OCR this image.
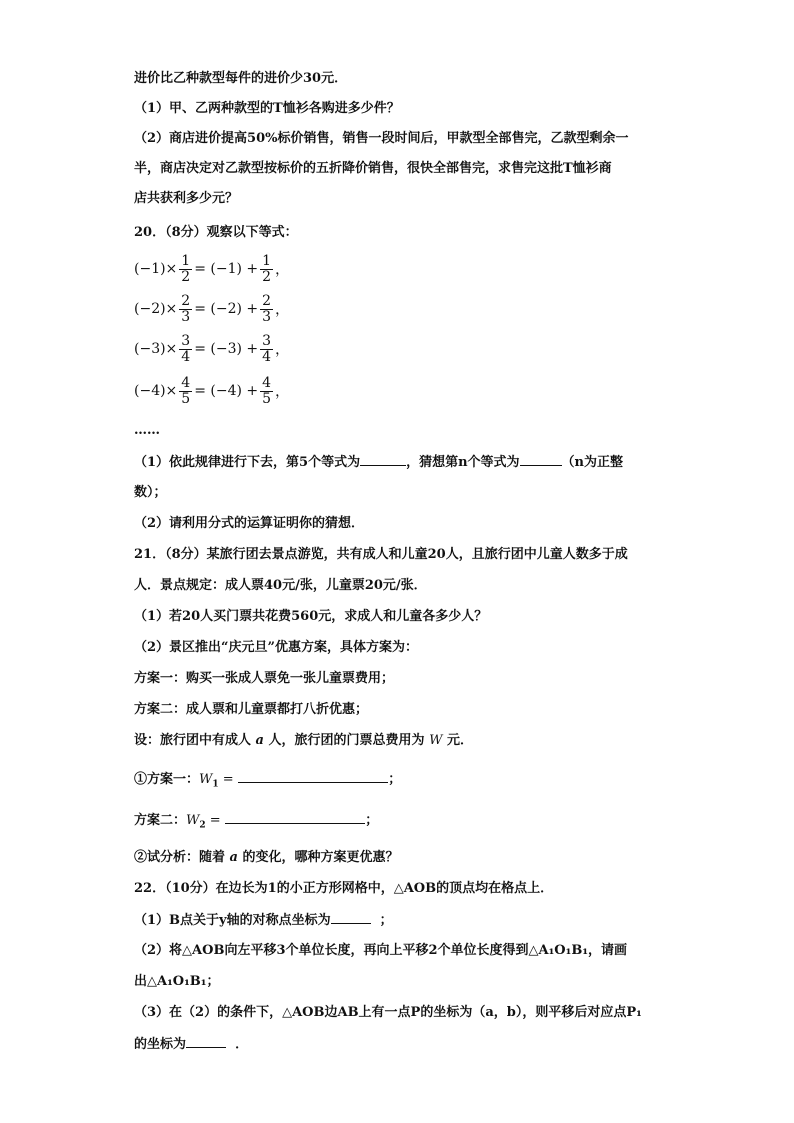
进价比乙种款型每件的进价少30元．
（1）甲、乙两种款型的T恤衫各购进多少件？
（2）商店进价提高50%标价销售，销售一段时间后，甲款型全部售完，乙款型剩余一
半，商店决定对乙款型按标价的五折降价销售，很快全部售完，求售完这批T恤衫商
店共获利多少元？
20．（8分）观察以下等式：
$(-1)\times \frac{1}{2} = (-1) + \frac{1}{2}$ ，
$(-2)\times \frac{2}{3} = (-2) + \frac{2}{3}$ ，
$(-3)\times \frac{3}{4} = (-3) + \frac{3}{4}$ ，
$(-4)\times \frac{4}{5} = (-4) + \frac{4}{5}$ ，
……
（1）依此规律进行下去，第5个等式为	，猜想第n个等式为	（n为正整
数）；
（2）请利用分式的运算证明你的猜想．
21．（8分）某旅行团去景点游览，共有成人和儿童20人，且旅行团中儿童人数多于成
人．景点规定：成人票40元/张，儿童票20元/张．
（1）若20人买门票共花费560元，求成人和儿童各多少人？
（2）景区推出“庆元旦”优惠方案，具体方案为：
方案一：购买一张成人票免一张儿童票费用；
方案二：成人票和儿童票都打八折优惠；
设：旅行团中有成人 a 人，旅行团的门票总费用为 W 元．
①方案一：$W_1$ =	；
方案二：$W_2$ =	；
②试分析：随着 a 的变化，哪种方案更优惠？
22．（10分）在边长为1的小正方形网格中，△AOB的顶点均在格点上．
（1）B点关于y轴的对称点坐标为	；
（2）将△AOB向左平移3个单位长度，再向上平移2个单位长度得到△A₁O₁B₁，请画
出△A₁O₁B₁；
（3）在（2）的条件下，△AOB边AB上有一点P的坐标为（a，b），则平移后对应点P₁
的坐标为	．
